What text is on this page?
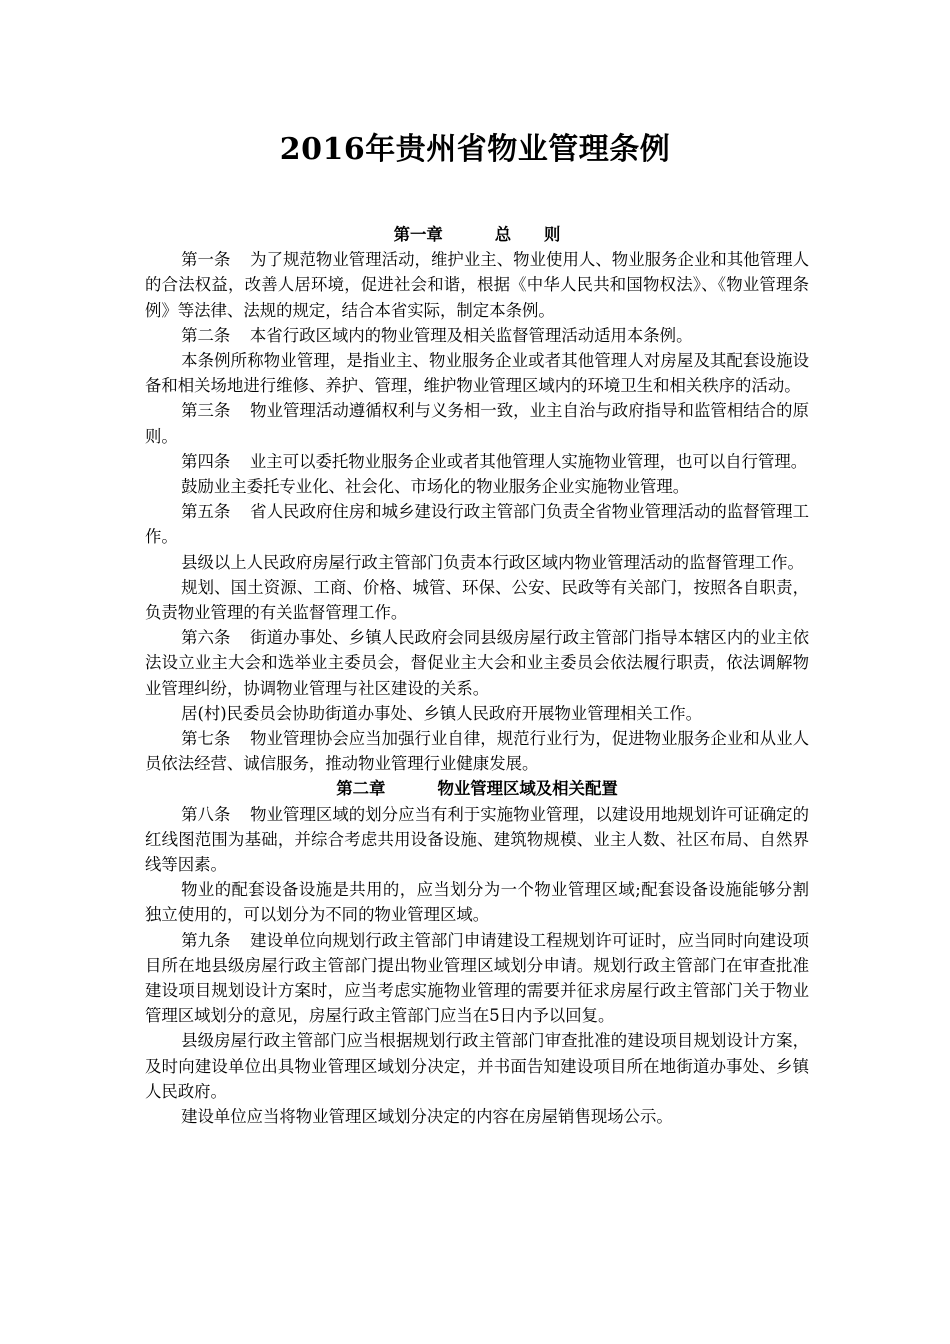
2016年贵州省物业管理条例
第一章	总　　则

第一条 为了规范物业管理活动，维护业主、物业使用人、物业服务企业和其他管理人的合法权益，改善人居环境，促进社会和谐，根据《中华人民共和国物权法》、《物业管理条例》等法律、法规的规定，结合本省实际，制定本条例。

第二条 本省行政区域内的物业管理及相关监督管理活动适用本条例。

本条例所称物业管理，是指业主、物业服务企业或者其他管理人对房屋及其配套设施设备和相关场地进行维修、养护、管理，维护物业管理区域内的环境卫生和相关秩序的活动。

第三条 物业管理活动遵循权利与义务相一致，业主自治与政府指导和监管相结合的原则。

第四条 业主可以委托物业服务企业或者其他管理人实施物业管理，也可以自行管理。

鼓励业主委托专业化、社会化、市场化的物业服务企业实施物业管理。

第五条 省人民政府住房和城乡建设行政主管部门负责全省物业管理活动的监督管理工作。

县级以上人民政府房屋行政主管部门负责本行政区域内物业管理活动的监督管理工作。

规划、国土资源、工商、价格、城管、环保、公安、民政等有关部门，按照各自职责，负责物业管理的有关监督管理工作。

第六条 街道办事处、乡镇人民政府会同县级房屋行政主管部门指导本辖区内的业主依法设立业主大会和选举业主委员会，督促业主大会和业主委员会依法履行职责，依法调解物业管理纠纷，协调物业管理与社区建设的关系。

居(村)民委员会协助街道办事处、乡镇人民政府开展物业管理相关工作。

第七条 物业管理协会应当加强行业自律，规范行业行为，促进物业服务企业和从业人员依法经营、诚信服务，推动物业管理行业健康发展。

第二章	物业管理区域及相关配置

第八条 物业管理区域的划分应当有利于实施物业管理，以建设用地规划许可证确定的红线图范围为基础，并综合考虑共用设备设施、建筑物规模、业主人数、社区布局、自然界线等因素。

物业的配套设备设施是共用的，应当划分为一个物业管理区域;配套设备设施能够分割独立使用的，可以划分为不同的物业管理区域。

第九条 建设单位向规划行政主管部门申请建设工程规划许可证时，应当同时向建设项目所在地县级房屋行政主管部门提出物业管理区域划分申请。规划行政主管部门在审查批准建设项目规划设计方案时，应当考虑实施物业管理的需要并征求房屋行政主管部门关于物业管理区域划分的意见，房屋行政主管部门应当在5日内予以回复。

县级房屋行政主管部门应当根据规划行政主管部门审查批准的建设项目规划设计方案，及时向建设单位出具物业管理区域划分决定，并书面告知建设项目所在地街道办事处、乡镇人民政府。

建设单位应当将物业管理区域划分决定的内容在房屋销售现场公示。
